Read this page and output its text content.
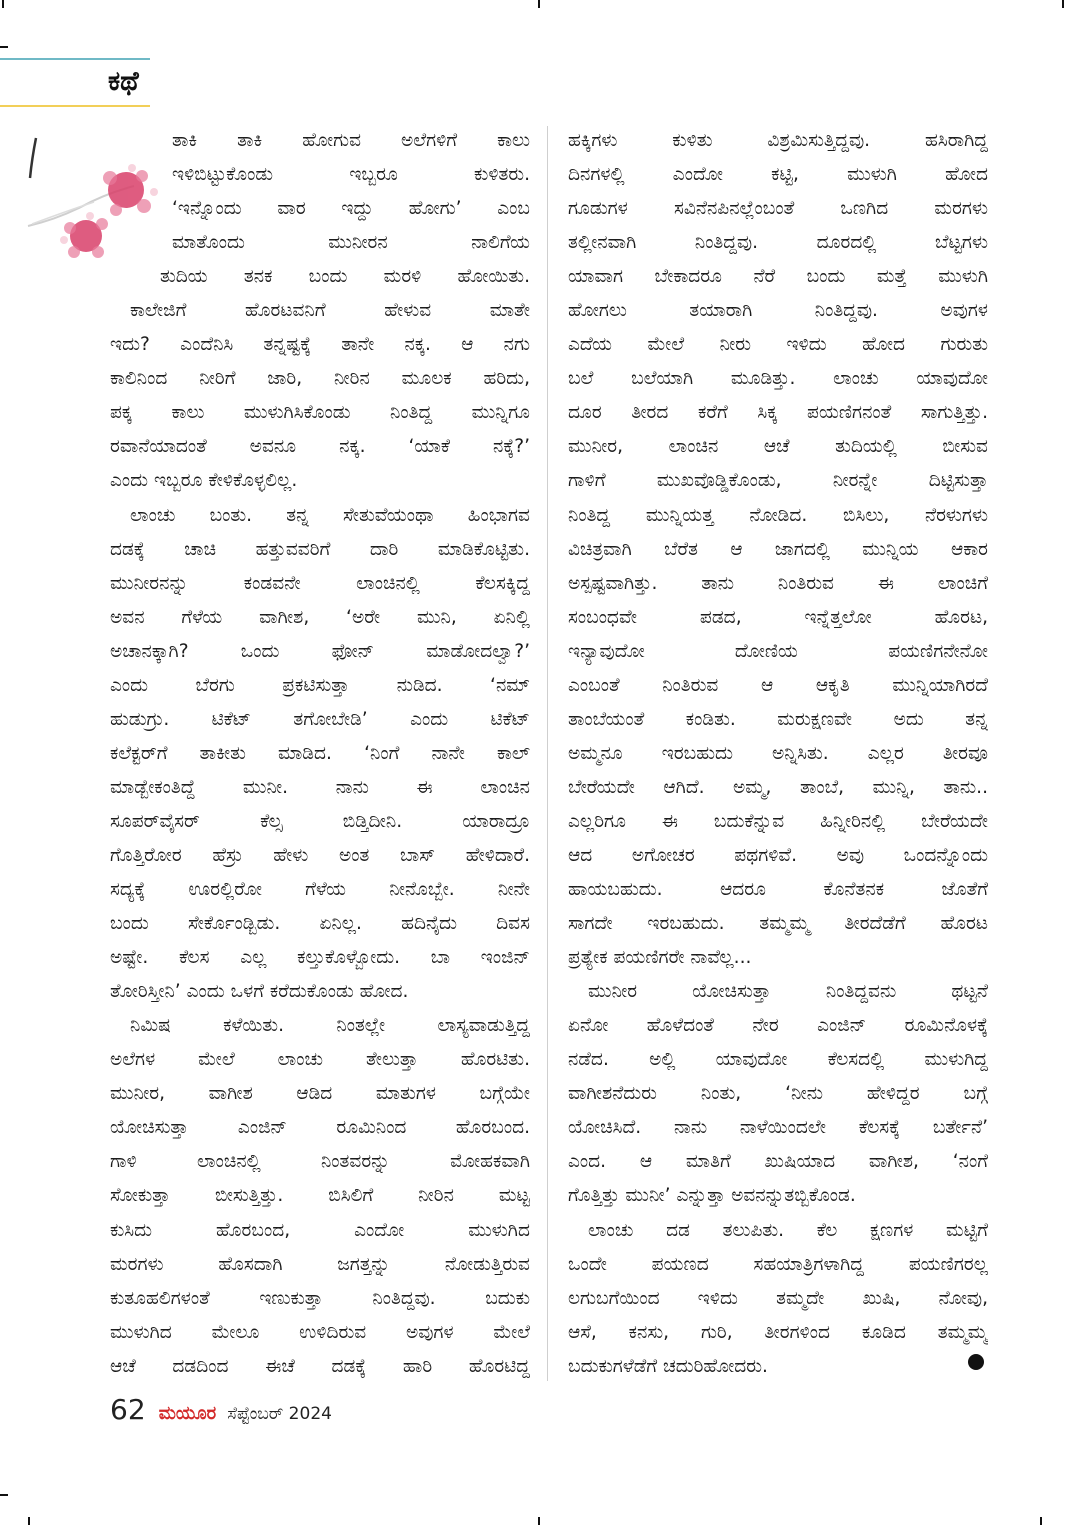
ಕಥೆ
ತಾಕಿ ತಾಕಿ ಹೋಗುವ ಅಲೆಗಳಿಗೆ ಕಾಲು
ಇಳಿಬಿಟ್ಟುಕೊಂಡು ಇಬ್ಬರೂ ಕುಳಿತರು.
‘ಇನ್ನೊಂದು ವಾರ ಇದ್ದು ಹೋಗು’ ಎಂಬ
ಮಾತೊಂದು ಮುನೀರನ ನಾಲಿಗೆಯ
ತುದಿಯ ತನಕ ಬಂದು ಮರಳಿ ಹೋಯಿತು.
ಕಾಲೇಜಿಗೆ ಹೊರಟವನಿಗೆ ಹೇಳುವ ಮಾತೇ
ಇದು? ಎಂದೆನಿಸಿ ತನ್ನಷ್ಟಕ್ಕೆ ತಾನೇ ನಕ್ಕ. ಆ ನಗು
ಕಾಲಿನಿಂದ ನೀರಿಗೆ ಜಾರಿ, ನೀರಿನ ಮೂಲಕ ಹರಿದು,
ಪಕ್ಕ ಕಾಲು ಮುಳುಗಿಸಿಕೊಂಡು ನಿಂತಿದ್ದ ಮುನ್ನಿಗೂ
ರವಾನೆಯಾದಂತೆ ಅವನೂ ನಕ್ಕ. ‘ಯಾಕೆ ನಕ್ಕೆ?’
ಎಂದು ಇಬ್ಬರೂ ಕೇಳಿಕೊಳ್ಳಲಿಲ್ಲ.
ಲಾಂಚು ಬಂತು. ತನ್ನ ಸೇತುವೆಯಂಥಾ ಹಿಂಭಾಗವ
ದಡಕ್ಕೆ ಚಾಚಿ ಹತ್ತುವವರಿಗೆ ದಾರಿ ಮಾಡಿಕೊಟ್ಟಿತು.
ಮುನೀರನನ್ನು ಕಂಡವನೇ ಲಾಂಚಿನಲ್ಲಿ ಕೆಲಸಕ್ಕಿದ್ದ
ಅವನ ಗೆಳೆಯ ವಾಗೀಶ, ‘ಅರೇ ಮುನಿ, ಏನಿಲ್ಲಿ
ಅಚಾನಕ್ಕಾಗಿ? ಒಂದು ಫೋನ್ ಮಾಡೋದಲ್ವಾ?’
ಎಂದು ಬೆರಗು ಪ್ರಕಟಿಸುತ್ತಾ ನುಡಿದ. ‘ನಮ್
ಹುಡುಗ್ರು. ಟಿಕೆಟ್ ತಗೋಬೇಡಿ’ ಎಂದು ಟಿಕೆಟ್
ಕಲೆಕ್ಟರ್‌ಗೆ ತಾಕೀತು ಮಾಡಿದ. ‘ನಿಂಗೆ ನಾನೇ ಕಾಲ್
ಮಾಡ್ಬೇಕಂತಿದ್ದೆ ಮುನೀ. ನಾನು ಈ ಲಾಂಚಿನ
ಸೂಪರ್‌ವೈಸರ್ ಕೆಲ್ಸ ಬಿಡ್ತಿದೀನಿ. ಯಾರಾದ್ರೂ
ಗೊತ್ತಿರೋರ ಹೆಸ್ರು ಹೇಳು ಅಂತ ಬಾಸ್ ಹೇಳಿದಾರೆ.
ಸದ್ಯಕ್ಕೆ ಊರಲ್ಲಿರೋ ಗೆಳೆಯ ನೀನೊಬ್ಬೇ. ನೀನೇ
ಬಂದು ಸೇರ್ಕೊಂಡ್ಬಿಡು. ಏನಿಲ್ಲ. ಹದಿನೈದು ದಿವಸ
ಅಷ್ಟೇ. ಕೆಲಸ ಎಲ್ಲ ಕಲ್ತುಕೊಳ್ಬೋದು. ಬಾ ಇಂಜಿನ್
ತೋರಿಸ್ತೀನಿ’ ಎಂದು ಒಳಗೆ ಕರೆದುಕೊಂಡು ಹೋದ.
ನಿಮಿಷ ಕಳೆಯಿತು. ನಿಂತಲ್ಲೇ ಲಾಸ್ಯವಾಡುತ್ತಿದ್ದ
ಅಲೆಗಳ ಮೇಲೆ ಲಾಂಚು ತೇಲುತ್ತಾ ಹೊರಟಿತು.
ಮುನೀರ, ವಾಗೀಶ ಆಡಿದ ಮಾತುಗಳ ಬಗ್ಗೆಯೇ
ಯೋಚಿಸುತ್ತಾ ಎಂಜಿನ್ ರೂಮಿನಿಂದ ಹೊರಬಂದ.
ಗಾಳಿ ಲಾಂಚಿನಲ್ಲಿ ನಿಂತವರನ್ನು ಮೋಹಕವಾಗಿ
ಸೋಕುತ್ತಾ ಬೀಸುತ್ತಿತ್ತು. ಬಿಸಿಲಿಗೆ ನೀರಿನ ಮಟ್ಟ
ಕುಸಿದು ಹೊರಬಂದ, ಎಂದೋ ಮುಳುಗಿದ
ಮರಗಳು ಹೊಸದಾಗಿ ಜಗತ್ತನ್ನು ನೋಡುತ್ತಿರುವ
ಕುತೂಹಲಿಗಳಂತೆ ಇಣುಕುತ್ತಾ ನಿಂತಿದ್ದವು. ಬದುಕು
ಮುಳುಗಿದ ಮೇಲೂ ಉಳಿದಿರುವ ಅವುಗಳ ಮೇಲೆ
ಆಚೆ ದಡದಿಂದ ಈಚೆ ದಡಕ್ಕೆ ಹಾರಿ ಹೊರಟಿದ್ದ
ಹಕ್ಕಿಗಳು ಕುಳಿತು ವಿಶ್ರಮಿಸುತ್ತಿದ್ದವು. ಹಸಿರಾಗಿದ್ದ
ದಿನಗಳಲ್ಲಿ ಎಂದೋ ಕಟ್ಟಿ, ಮುಳುಗಿ ಹೋದ
ಗೂಡುಗಳ ಸವಿನೆನಪಿನಲ್ಲೆಂಬಂತೆ ಒಣಗಿದ ಮರಗಳು
ತಲ್ಲೀನವಾಗಿ ನಿಂತಿದ್ದವು. ದೂರದಲ್ಲಿ ಬೆಟ್ಟಗಳು
ಯಾವಾಗ ಬೇಕಾದರೂ ನೆರೆ ಬಂದು ಮತ್ತೆ ಮುಳುಗಿ
ಹೋಗಲು ತಯಾರಾಗಿ ನಿಂತಿದ್ದವು. ಅವುಗಳ
ಎದೆಯ ಮೇಲೆ ನೀರು ಇಳಿದು ಹೋದ ಗುರುತು
ಬಲೆ ಬಲೆಯಾಗಿ ಮೂಡಿತ್ತು. ಲಾಂಚು ಯಾವುದೋ
ದೂರ ತೀರದ ಕರೆಗೆ ಸಿಕ್ಕ ಪಯಣಿಗನಂತೆ ಸಾಗುತ್ತಿತ್ತು.
ಮುನೀರ, ಲಾಂಚಿನ ಆಚೆ ತುದಿಯಲ್ಲಿ ಬೀಸುವ
ಗಾಳಿಗೆ ಮುಖವೊಡ್ಡಿಕೊಂಡು, ನೀರನ್ನೇ ದಿಟ್ಟಿಸುತ್ತಾ
ನಿಂತಿದ್ದ ಮುನ್ನಿಯತ್ತ ನೋಡಿದ. ಬಿಸಿಲು, ನೆರಳುಗಳು
ವಿಚಿತ್ರವಾಗಿ ಬೆರೆತ ಆ ಜಾಗದಲ್ಲಿ ಮುನ್ನಿಯ ಆಕಾರ
ಅಸ್ಪಷ್ಟವಾಗಿತ್ತು. ತಾನು ನಿಂತಿರುವ ಈ ಲಾಂಚಿಗೆ
ಸಂಬಂಧವೇ ಪಡದ, ಇನ್ನೆತ್ತಲೋ ಹೊರಟ,
ಇನ್ಯಾವುದೋ ದೋಣಿಯ ಪಯಣಿಗನೇನೋ
ಎಂಬಂತೆ ನಿಂತಿರುವ ಆ ಆಕೃತಿ ಮುನ್ನಿಯಾಗಿರದೆ
ತಾಂಬೆಯಂತೆ ಕಂಡಿತು. ಮರುಕ್ಷಣವೇ ಅದು ತನ್ನ
ಅಮ್ಮನೂ ಇರಬಹುದು ಅನ್ನಿಸಿತು. ಎಲ್ಲರ ತೀರವೂ
ಬೇರೆಯದೇ ಆಗಿದೆ. ಅಮ್ಮ, ತಾಂಬೆ, ಮುನ್ನಿ, ತಾನು..
ಎಲ್ಲರಿಗೂ ಈ ಬದುಕೆನ್ನುವ ಹಿನ್ನೀರಿನಲ್ಲಿ ಬೇರೆಯದೇ
ಆದ ಅಗೋಚರ ಪಥಗಳಿವೆ. ಅವು ಒಂದನ್ನೊಂದು
ಹಾಯಬಹುದು. ಆದರೂ ಕೊನೆತನಕ ಜೊತೆಗೆ
ಸಾಗದೇ ಇರಬಹುದು. ತಮ್ಮಮ್ಮ ತೀರದೆಡೆಗೆ ಹೊರಟ
ಪ್ರತ್ಯೇಕ ಪಯಣಿಗರೇ ನಾವೆಲ್ಲ...
ಮುನೀರ ಯೋಚಿಸುತ್ತಾ ನಿಂತಿದ್ದವನು ಥಟ್ಟನೆ
ಏನೋ ಹೊಳೆದಂತೆ ನೇರ ಎಂಜಿನ್ ರೂಮಿನೊಳಕ್ಕೆ
ನಡೆದ. ಅಲ್ಲಿ ಯಾವುದೋ ಕೆಲಸದಲ್ಲಿ ಮುಳುಗಿದ್ದ
ವಾಗೀಶನೆದುರು ನಿಂತು, ‘ನೀನು ಹೇಳಿದ್ದರ ಬಗ್ಗೆ
ಯೋಚಿಸಿದೆ. ನಾನು ನಾಳೆಯಿಂದಲೇ ಕೆಲಸಕ್ಕೆ ಬರ್ತೇನೆ’
ಎಂದ. ಆ ಮಾತಿಗೆ ಖುಷಿಯಾದ ವಾಗೀಶ, ‘ನಂಗೆ
ಗೊತ್ತಿತ್ತು ಮುನೀ’ ಎನ್ನುತ್ತಾ ಅವನನ್ನುತಬ್ಬಿಕೊಂಡ.
ಲಾಂಚು ದಡ ತಲುಪಿತು. ಕೆಲ ಕ್ಷಣಗಳ ಮಟ್ಟಿಗೆ
ಒಂದೇ ಪಯಣದ ಸಹಯಾತ್ರಿಗಳಾಗಿದ್ದ ಪಯಣಿಗರಲ್ಲ
ಲಗುಬಗೆಯಿಂದ ಇಳಿದು ತಮ್ಮದೇ ಖುಷಿ, ನೋವು,
ಆಸೆ, ಕನಸು, ಗುರಿ, ತೀರಗಳಿಂದ ಕೂಡಿದ ತಮ್ಮಮ್ಮ
ಬದುಕುಗಳೆಡೆಗೆ ಚದುರಿಹೋದರು.
62 ಮಯೂರ ಸೆಪ್ಟೆಂಬರ್ 2024
